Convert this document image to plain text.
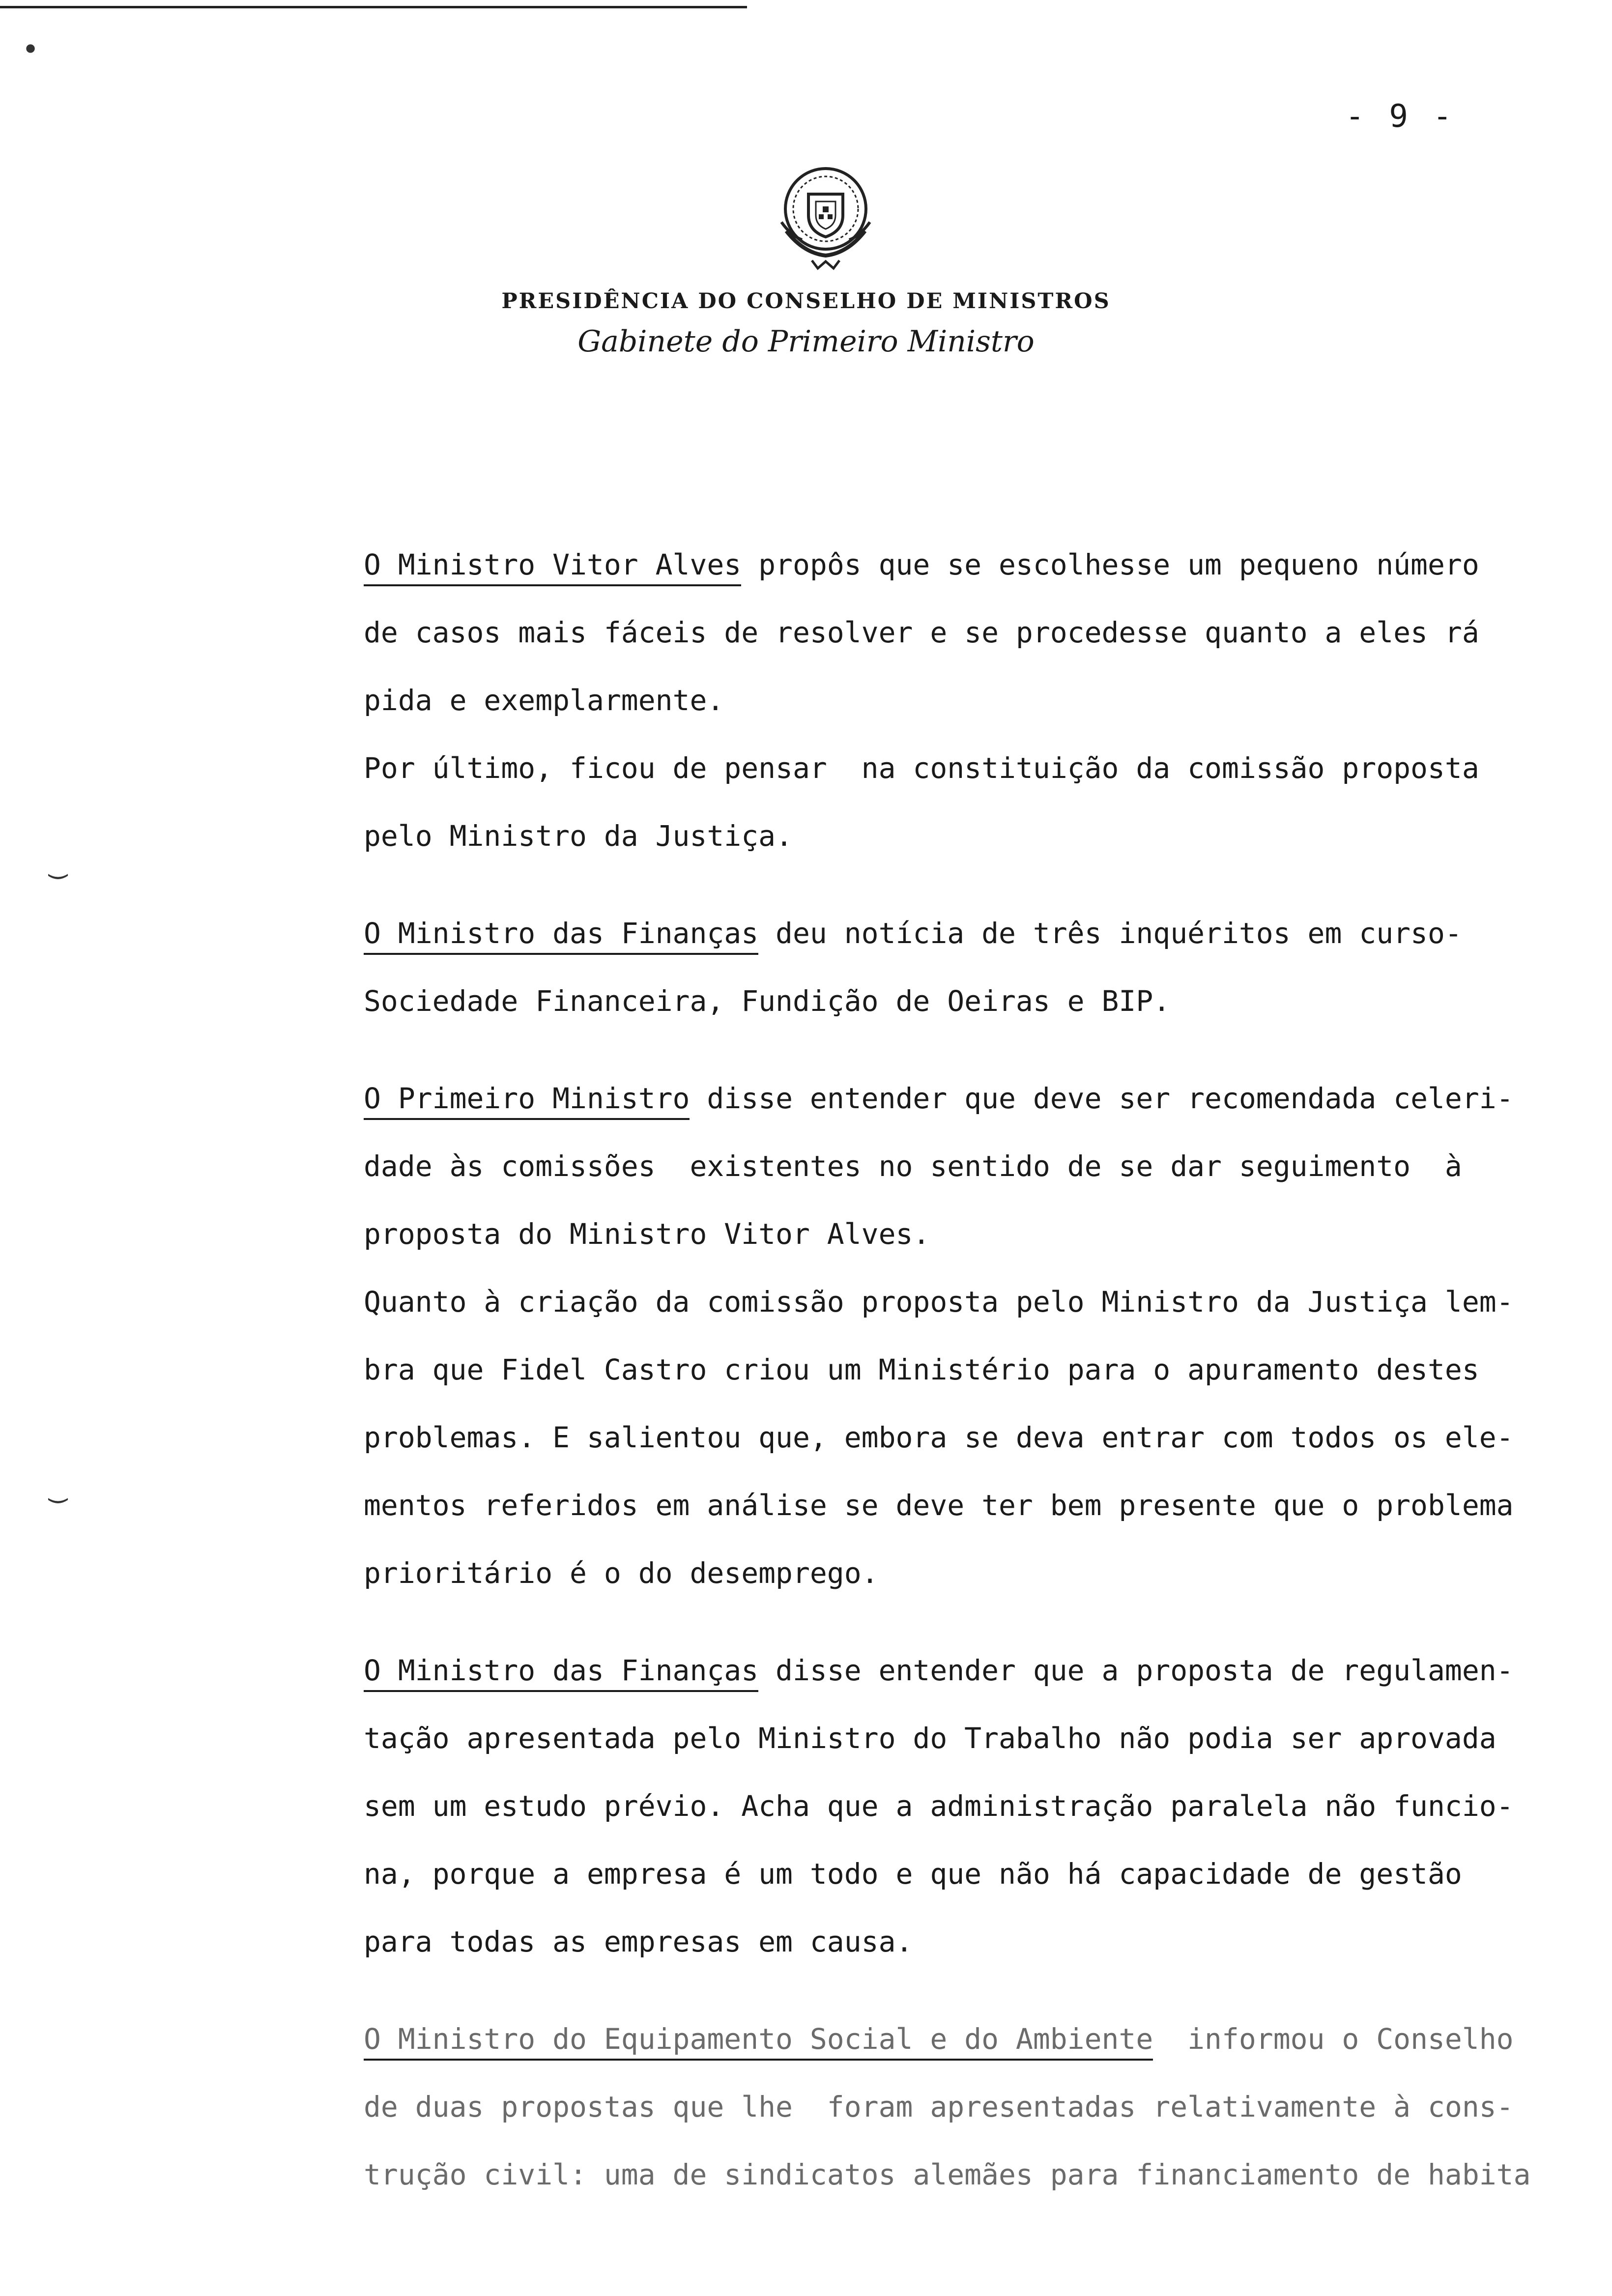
•
‿
‿
- 9 -
PRESIDÊNCIA DO CONSELHO DE MINISTROS
Gabinete do Primeiro Ministro
O Ministro Vitor Alves propôs que se escolhesse um pequeno número
de casos mais fáceis de resolver e se procedesse quanto a eles rá
pida e exemplarmente.
Por último, ficou de pensar  na constituição da comissão proposta
pelo Ministro da Justiça.
O Ministro das Finanças deu notícia de três inquéritos em curso-
Sociedade Financeira, Fundição de Oeiras e BIP.
O Primeiro Ministro disse entender que deve ser recomendada celeri-
dade às comissões  existentes no sentido de se dar seguimento  à
proposta do Ministro Vitor Alves.
Quanto à criação da comissão proposta pelo Ministro da Justiça lem-
bra que Fidel Castro criou um Ministério para o apuramento destes
problemas. E salientou que, embora se deva entrar com todos os ele-
mentos referidos em análise se deve ter bem presente que o problema
prioritário é o do desemprego.
O Ministro das Finanças disse entender que a proposta de regulamen-
tação apresentada pelo Ministro do Trabalho não podia ser aprovada
sem um estudo prévio. Acha que a administração paralela não funcio-
na, porque a empresa é um todo e que não há capacidade de gestão
para todas as empresas em causa.
O Ministro do Equipamento Social e do Ambiente  informou o Conselho
de duas propostas que lhe  foram apresentadas relativamente à cons-
trução civil: uma de sindicatos alemães para financiamento de habita
